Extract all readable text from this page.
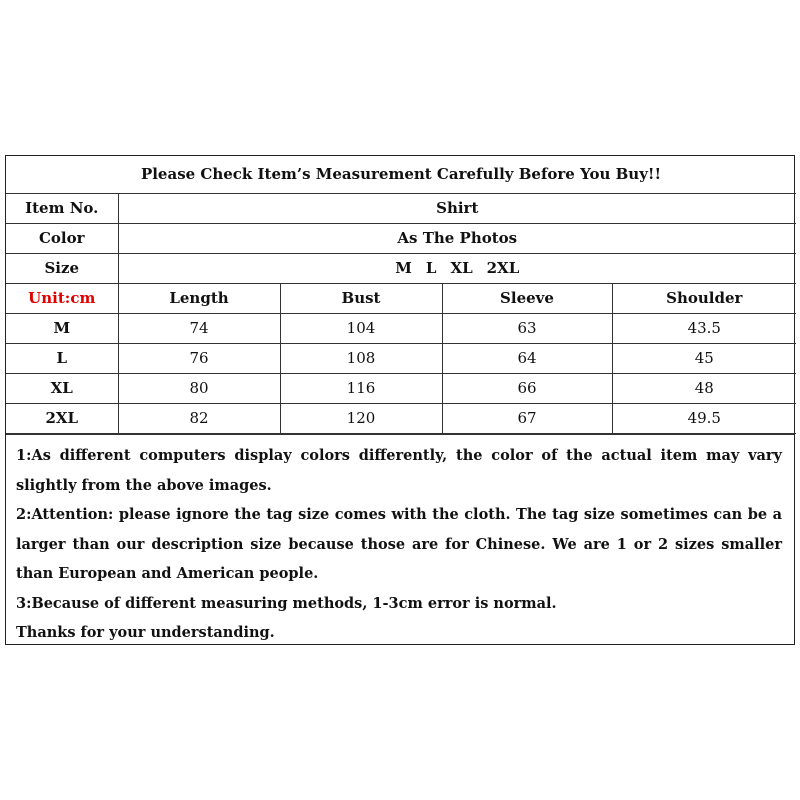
Please Check Item’s Measurement Carefully Before You Buy!!				
Item No.	Shirt			
Color	As The Photos			
Size	M L XL 2XL			
Unit:cm	Length	Bust	Sleeve	Shoulder
M	74	104	63	43.5
L	76	108	64	45
XL	80	116	66	48
2XL	82	120	67	49.5

1:As different computers display colors differently, the color of the actual item may vary slightly from the above images.

2:Attention: please ignore the tag size comes with the cloth. The tag size sometimes can be a larger than our description size because those are for Chinese. We are 1 or 2 sizes smaller than European and American people.

3:Because of different measuring methods, 1-3cm error is normal.

Thanks for your understanding.
